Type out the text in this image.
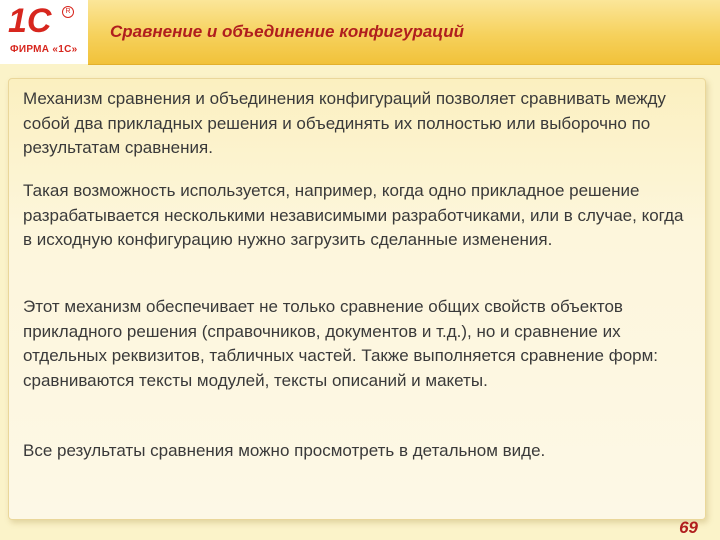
1С	R
ФИРМА «1С»
Сравнение и объединение конфигураций

Механизм сравнения и объединения конфигураций позволяет сравнивать между собой два прикладных решения и объединять их полностью или выборочно по результатам сравнения.

Такая возможность используется, например, когда одно прикладное решение разрабатывается несколькими независимыми разработчиками, или в случае, когда в исходную конфигурацию нужно загрузить сделанные изменения.

Этот механизм обеспечивает не только сравнение общих свойств объектов прикладного решения (справочников, документов и т.д.), но и сравнение их отдельных реквизитов, табличных частей. Также выполняется сравнение форм: сравниваются тексты модулей, тексты описаний и макеты.

Все результаты сравнения можно просмотреть в детальном виде.

69
